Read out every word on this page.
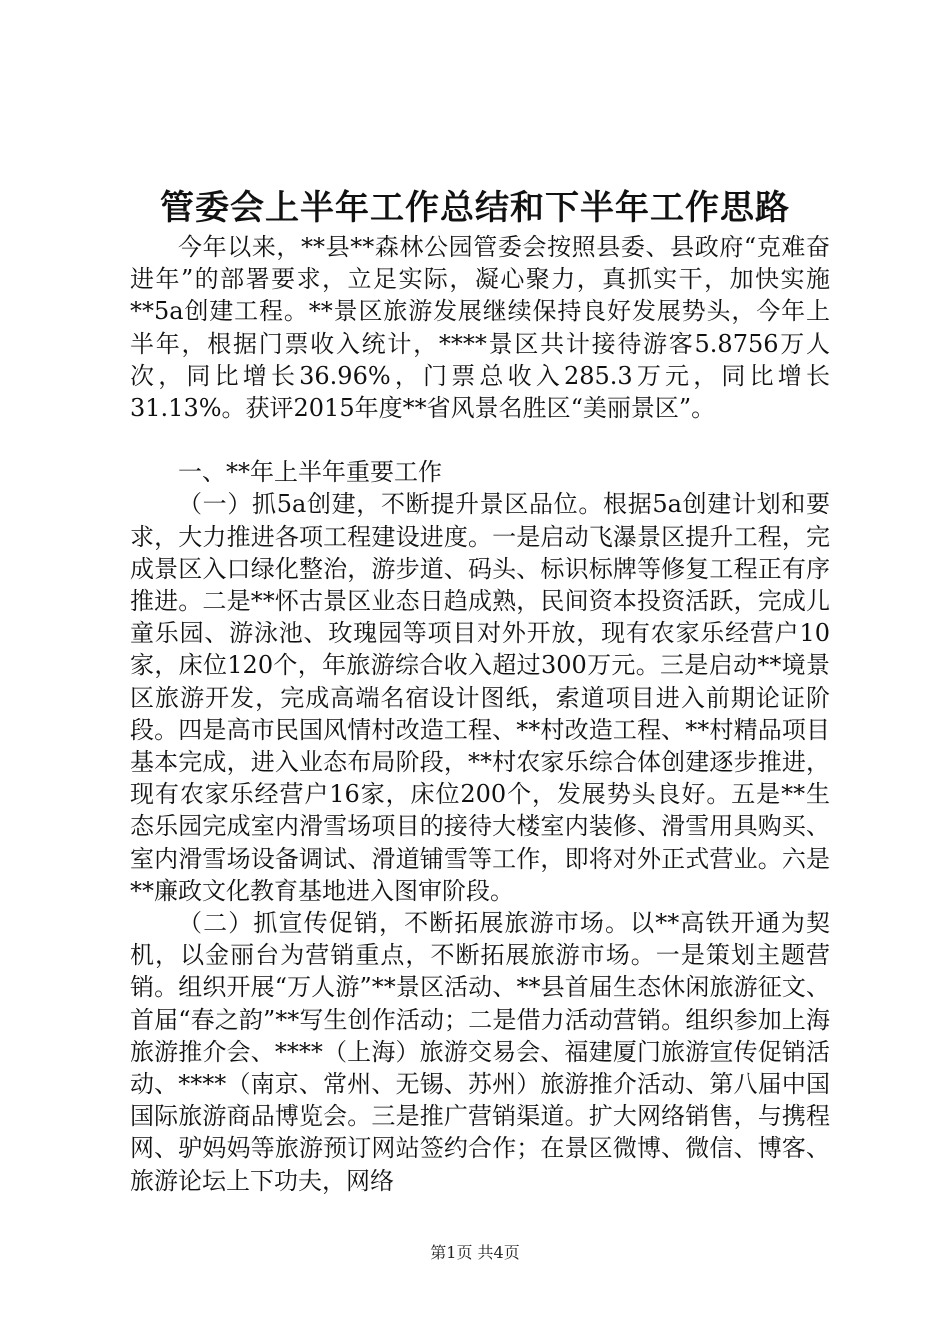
管委会上半年工作总结和下半年工作思路

今年以来，**县**森林公园管委会按照县委、县政府“克难奋进年”的部署要求，立足实际，凝心聚力，真抓实干，加快实施**5a创建工程。**景区旅游发展继续保持良好发展势头，今年上半年，根据门票收入统计，****景区共计接待游客5.8756万人次，同比增长36.96%，门票总收入285.3万元，同比增长31.13%。获评2015年度**省风景名胜区“美丽景区”。

一、**年上半年重要工作

（一）抓5a创建，不断提升景区品位。根据5a创建计划和要求，大力推进各项工程建设进度。一是启动飞瀑景区提升工程，完成景区入口绿化整治，游步道、码头、标识标牌等修复工程正有序推进。二是**怀古景区业态日趋成熟，民间资本投资活跃，完成儿童乐园、游泳池、玫瑰园等项目对外开放，现有农家乐经营户10家，床位120个，年旅游综合收入超过300万元。三是启动**境景区旅游开发，完成高端名宿设计图纸，索道项目进入前期论证阶段。四是高市民国风情村改造工程、**村改造工程、**村精品项目基本完成，进入业态布局阶段，**村农家乐综合体创建逐步推进，现有农家乐经营户16家，床位200个，发展势头良好。五是**生态乐园完成室内滑雪场项目的接待大楼室内装修、滑雪用具购买、室内滑雪场设备调试、滑道铺雪等工作，即将对外正式营业。六是**廉政文化教育基地进入图审阶段。

（二）抓宣传促销，不断拓展旅游市场。以**高铁开通为契机，以金丽台为营销重点，不断拓展旅游市场。一是策划主题营销。组织开展“万人游”**景区活动、**县首届生态休闲旅游征文、首届“春之韵”**写生创作活动；二是借力活动营销。组织参加上海旅游推介会、****（上海）旅游交易会、福建厦门旅游宣传促销活动、****（南京、常州、无锡、苏州）旅游推介活动、第八届中国国际旅游商品博览会。三是推广营销渠道。扩大网络销售，与携程网、驴妈妈等旅游预订网站签约合作；在景区微博、微信、博客、旅游论坛上下功夫，网络

第1页 共4页
